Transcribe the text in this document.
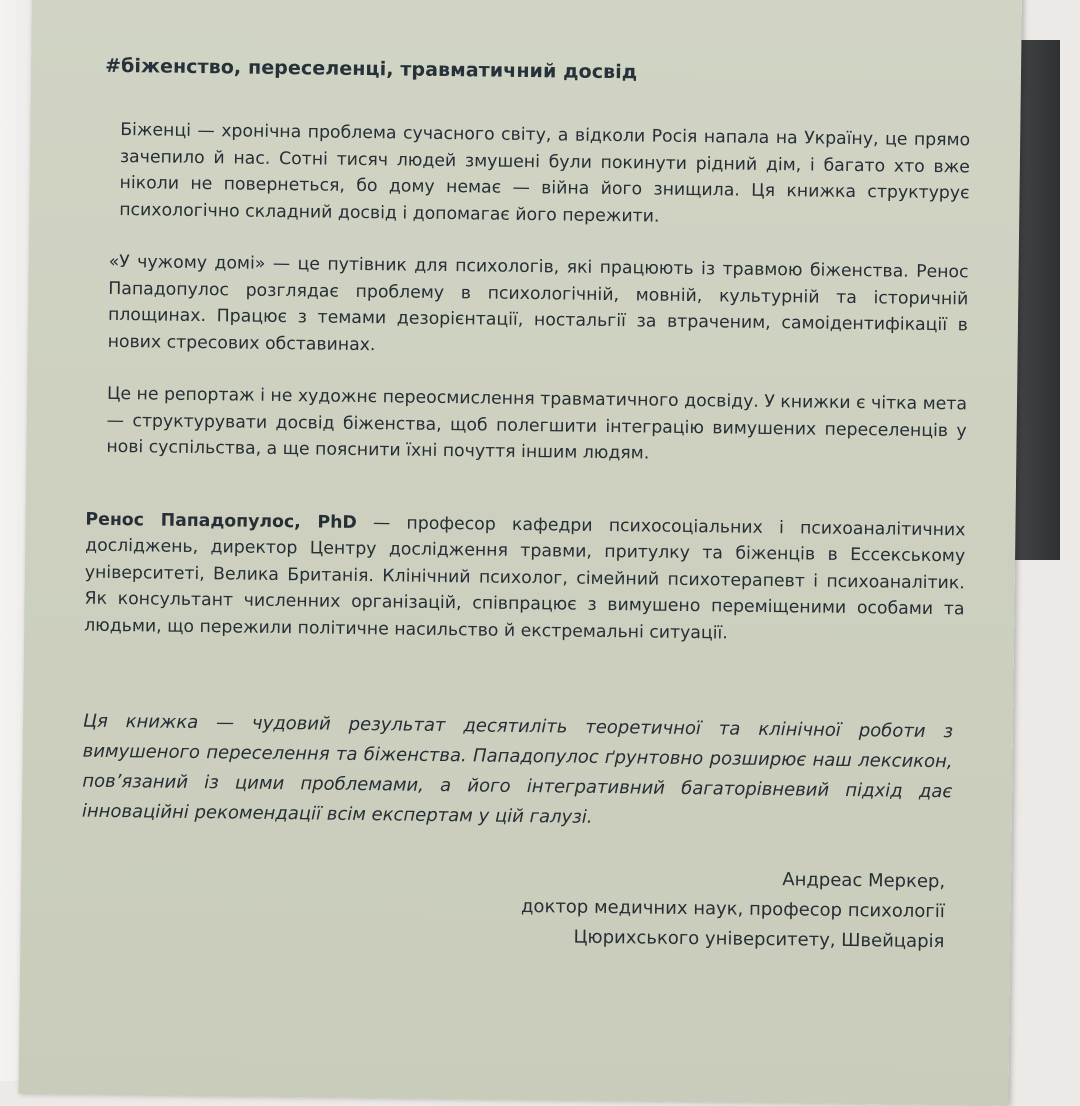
#біженство, переселенці, травматичний досвід

Біженці — хронічна проблема сучасного світу, а відколи Росія напала на Україну, це прямо зачепило й нас. Сотні тисяч людей змушені були покинути рідний дім, і багато хто вже ніколи не повернеться, бо дому немає — війна його знищила. Ця книжка структурує психологічно складний досвід і допомагає його пережити.

«У чужому домі» — це путівник для психологів, які працюють із травмою біженства. Ренос Пападопулос розглядає проблему в психологічній, мовній, культурній та історичній площинах. Працює з темами дезорієнтації, ностальгії за втраченим, самоідентифікації в нових стресових обставинах.

Це не репортаж і не художнє переосмислення травматичного досвіду. У книжки є чітка мета — структурувати досвід біженства, щоб полегшити інтеграцію вимушених переселенців у нові суспільства, а ще пояснити їхні почуття іншим людям.

Ренос Пападопулос, PhD — професор кафедри психосоціальних і психоаналітичних досліджень, директор Центру дослідження травми, притулку та біженців в Ессекському університеті, Велика Британія. Клінічний психолог, сімейний психотерапевт і психоаналітик. Як консультант численних організацій, співпрацює з вимушено переміщеними особами та людьми, що пережили політичне насильство й екстремальні ситуації.

Ця книжка — чудовий результат десятиліть теоретичної та клінічної роботи з вимушеного переселення та біженства. Пападопулос ґрунтовно розширює наш лексикон, пов’язаний із цими проблемами, а його інтегративний багаторівневий підхід дає інноваційні рекомендації всім експертам у цій галузі.

Андреас Меркер,
доктор медичних наук, професор психології
Цюрихського університету, Швейцарія
